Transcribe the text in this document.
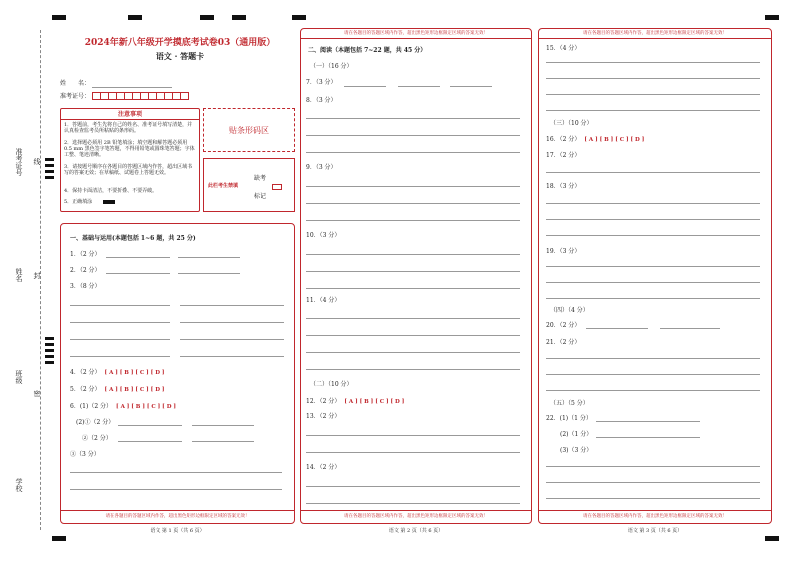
准考证号
姓名
班级
学校
线
封
密
2024年新八年级开学摸底考试卷03（通用版）
语文 · 答题卡
姓　　名：
准考证号：
注意事项
1．答题前，考生先将自己的姓名、准考证号填写清楚，并认真检查监考员所粘贴的条形码。
2．选择题必须用 2B 铅笔填涂；填空题和解答题必须用 0.5 mm 黑色签字笔答题，不得用铅笔或圆珠笔答题；字体工整、笔迹清晰。
3．请按题号顺序在各题目的答题区域内作答，超出区域书写的答案无效；在草稿纸、试题卷上答题无效。
4．保持卡面清洁，不要折叠、不要弄破。
5．正确填涂
贴条形码区
此栏考生禁填
缺考
标记
一、基础与运用(本题包括 1~6 题，共 25 分)
1．（2 分）
2．（2 分）
3．（8 分）
4．（2 分） [ A ] [ B ] [ C ] [ D ]
5．（2 分） [ A ] [ B ] [ C ] [ D ]
6．(1)（2 分） [ A ] [ B ] [ C ] [ D ]
(2)①（2 分）
②（2 分）
③（3 分）
请在各题目的答题区域内作答，超出黑色矩形边框限定区域的答案无效！
语文 第 1 页（共 6 页）
请在各题目的答题区域内作答，超出黑色矩形边框限定区域的答案无效！
二、阅读（本题包括 7~22 题，共 45 分）
（一）（16 分）
7．（3 分）
8．（3 分）
9．（3 分）
10．（3 分）
11．（4 分）
（二）（10 分）
12．（2 分） [ A ] [ B ] [ C ] [ D ]
13．（2 分）
14．（2 分）
请在各题目的答题区域内作答，超出黑色矩形边框限定区域的答案无效！
语文 第 2 页（共 6 页）
请在各题目的答题区域内作答，超出黑色矩形边框限定区域的答案无效！
15．（4 分）
（三）（10 分）
16．（2 分） [ A ] [ B ] [ C ] [ D ]
17．（2 分）
18．（3 分）
19．（3 分）
（四）（4 分）
20．（2 分）
21．（2 分）
（五）（5 分）
22．(1)（1 分）
(2)（1 分）
(3)（3 分）
请在各题目的答题区域内作答，超出黑色矩形边框限定区域的答案无效！
语文 第 3 页（共 6 页）
